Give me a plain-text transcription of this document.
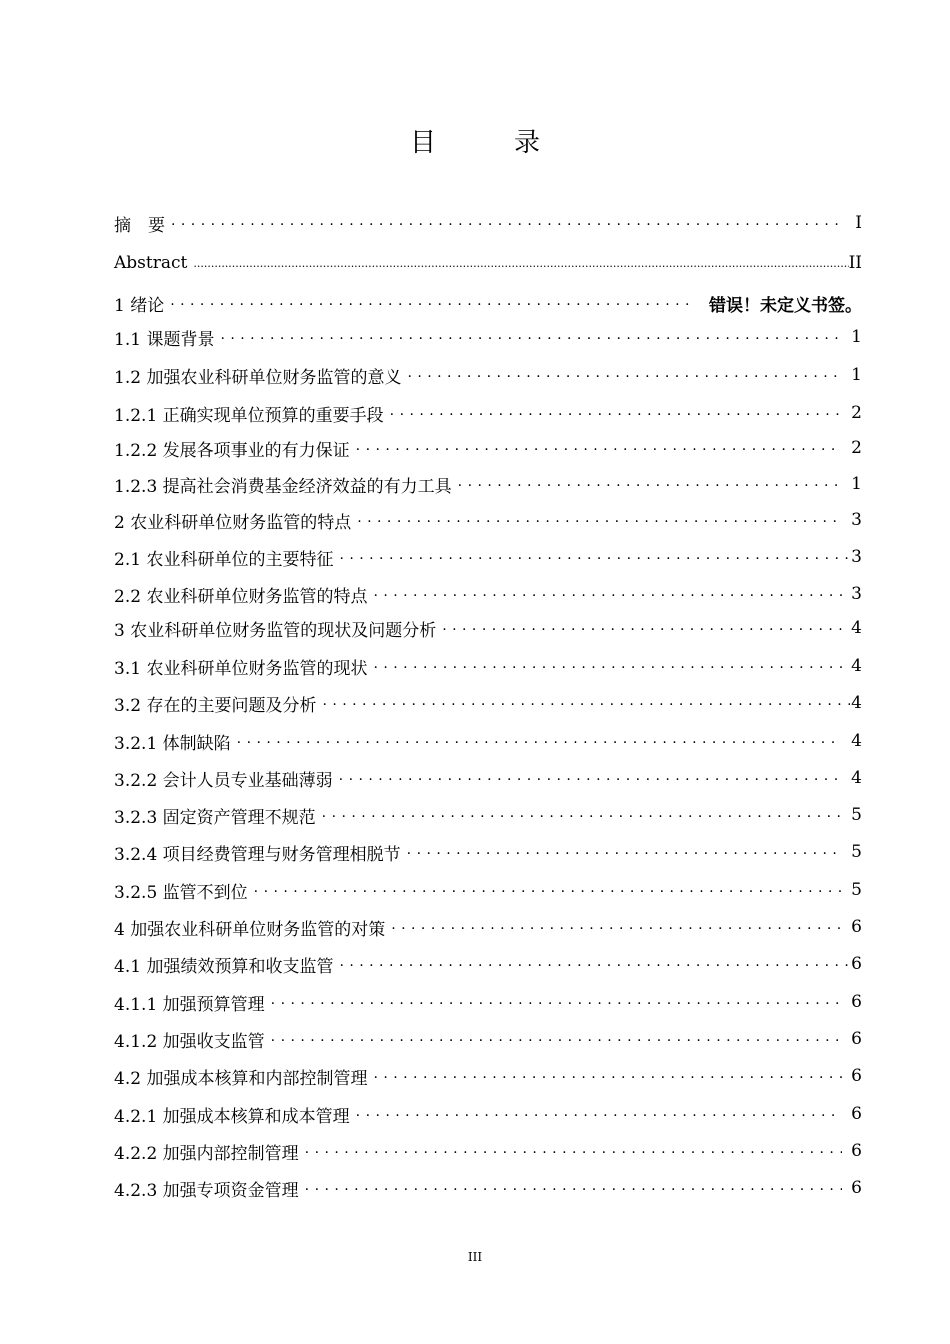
目　录
摘　要 . . .	I
Abstract .....	II
1 绪论 . . .	错误！未定义书签。
1.1 课题背景 . . .	1
1.2 加强农业科研单位财务监管的意义 . . .	1
1.2.1 正确实现单位预算的重要手段 . . .	2
1.2.2 发展各项事业的有力保证 . . .	2
1.2.3 提高社会消费基金经济效益的有力工具 . . .	1
2 农业科研单位财务监管的特点 . . .	3
2.1 农业科研单位的主要特征 . . .	3
2.2 农业科研单位财务监管的特点 . . .	3
3 农业科研单位财务监管的现状及问题分析 . . .	4
3.1 农业科研单位财务监管的现状 . . .	4
3.2 存在的主要问题及分析 . . .	4
3.2.1 体制缺陷 . . .	4
3.2.2 会计人员专业基础薄弱 . . .	4
3.2.3 固定资产管理不规范 . . .	5
3.2.4 项目经费管理与财务管理相脱节 . . .	5
3.2.5 监管不到位 . . .	5
4 加强农业科研单位财务监管的对策 . . .	6
4.1 加强绩效预算和收支监管 . . .	6
4.1.1 加强预算管理 . . .	6
4.1.2 加强收支监管 . . .	6
4.2 加强成本核算和内部控制管理 . . .	6
4.2.1 加强成本核算和成本管理 . . .	6
4.2.2 加强内部控制管理 . . .	6
4.2.3 加强专项资金管理 . . .	6
III
